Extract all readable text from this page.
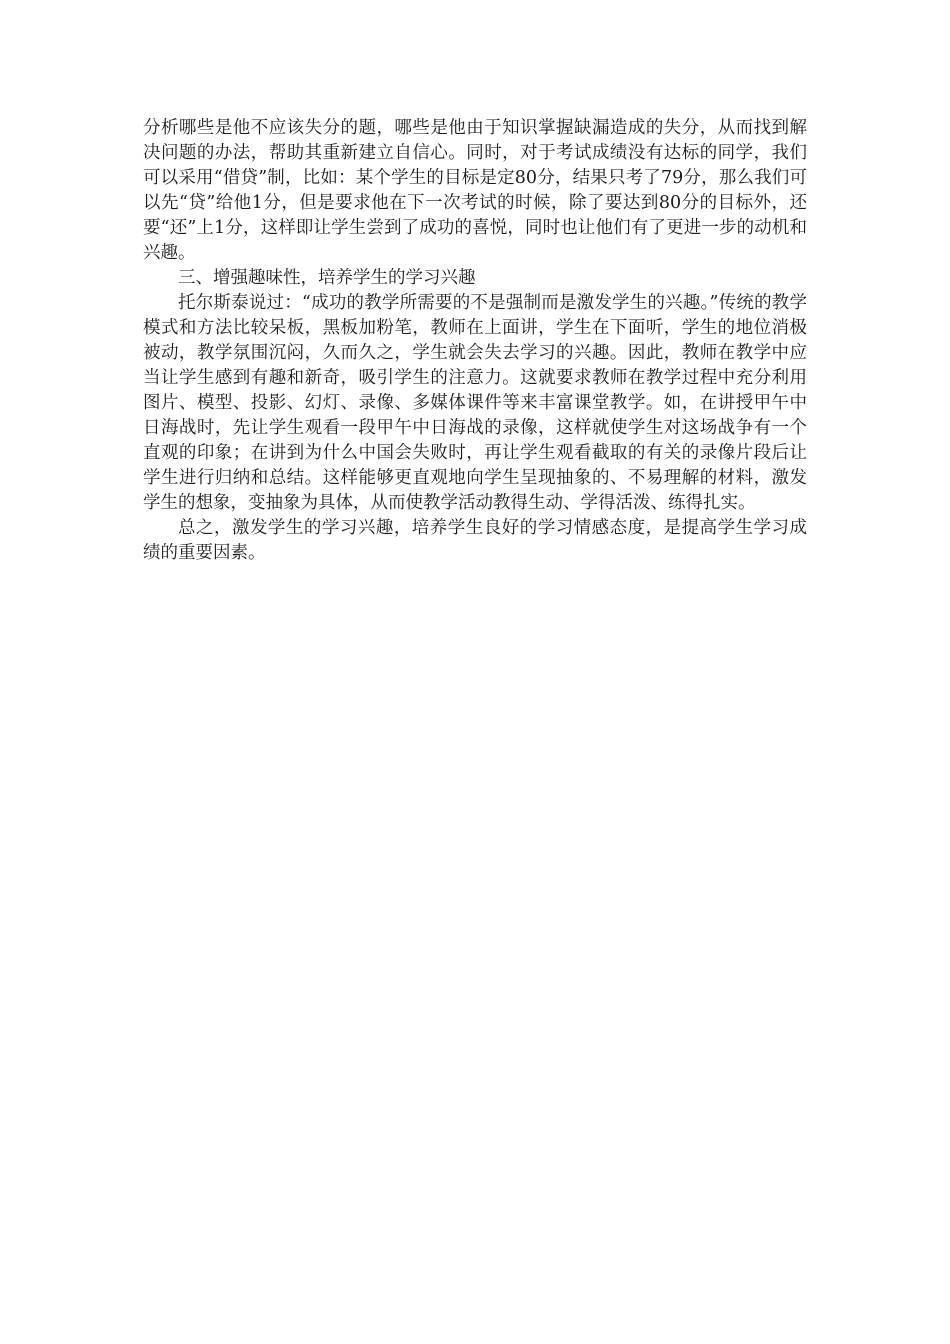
分析哪些是他不应该失分的题，哪些是他由于知识掌握缺漏造成的失分，从而找到解决问题的办法，帮助其重新建立自信心。同时，对于考试成绩没有达标的同学，我们可以采用“借贷”制，比如：某个学生的目标是定80分，结果只考了79分，那么我们可以先“贷”给他1分，但是要求他在下一次考试的时候，除了要达到80分的目标外，还要“还”上1分，这样即让学生尝到了成功的喜悦，同时也让他们有了更进一步的动机和兴趣。

三、增强趣味性，培养学生的学习兴趣

托尔斯泰说过：“成功的教学所需要的不是强制而是激发学生的兴趣。”传统的教学模式和方法比较呆板，黑板加粉笔，教师在上面讲，学生在下面听，学生的地位消极被动，教学氛围沉闷，久而久之，学生就会失去学习的兴趣。因此，教师在教学中应当让学生感到有趣和新奇，吸引学生的注意力。这就要求教师在教学过程中充分利用图片、模型、投影、幻灯、录像、多媒体课件等来丰富课堂教学。如，在讲授甲午中日海战时，先让学生观看一段甲午中日海战的录像，这样就使学生对这场战争有一个直观的印象；在讲到为什么中国会失败时，再让学生观看截取的有关的录像片段后让学生进行归纳和总结。这样能够更直观地向学生呈现抽象的、不易理解的材料，激发学生的想象，变抽象为具体，从而使教学活动教得生动、学得活泼、练得扎实。

总之，激发学生的学习兴趣，培养学生良好的学习情感态度，是提高学生学习成绩的重要因素。
